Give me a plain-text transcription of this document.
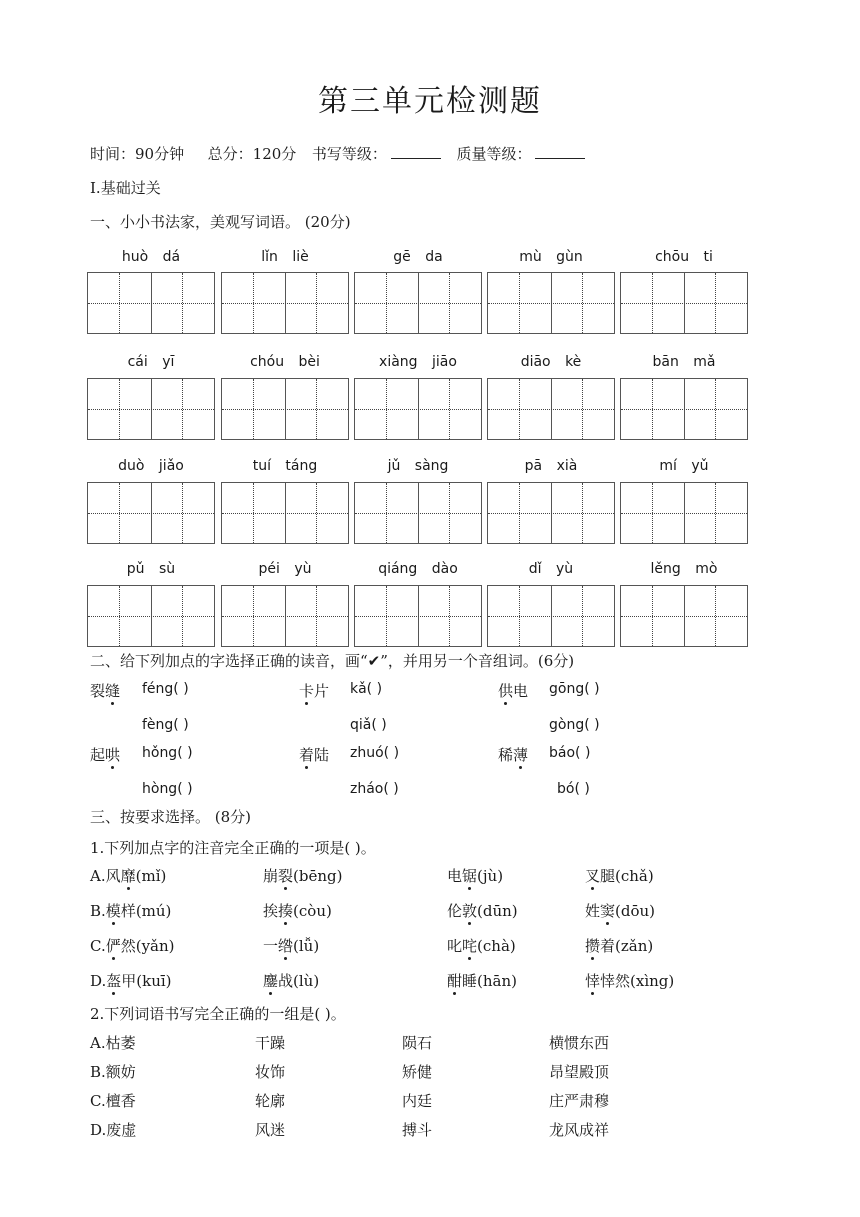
第三单元检测题
时间：90分钟 总分：120分 书写等级：	质量等级：
Ⅰ.基础过关
一、小小书法家，美观写词语。 (20分)
huò dá	lǐn liè	gē da	mù gùn	chōu ti
cái yī	chóu bèi	xiàng jiāo	diāo kè	bān mǎ
duò jiǎo	tuí táng	jǔ sàng	pā xià	mí yǔ
pǔ sù	péi yù	qiáng dào	dǐ yù	lěng mò
二、给下列加点的字选择正确的读音，画“✔”，并用另一个音组词。(6分)
裂缝 féng( )
fèng( )
卡片 kǎ( )
qiǎ( )
供电 gōng( )
gòng( )
起哄 hǒng( )
hòng( )
着陆 zhuó( )
zháo( )
稀薄 báo( )
bó( )
三、按要求选择。 (8分)
1.下列加点字的注音完全正确的一项是( )。
A.风靡(mǐ)	崩裂(bēng)	电锯(jù)	叉腿(chǎ)
B.模样(mú)	挨揍(còu)	伦敦(dūn)	姓窦(dōu)
C.俨然(yǎn)	一绺(lǚ)	叱咤(chà)	攒着(zǎn)
D.盔甲(kuī)	鏖战(lù)	酣睡(hān)	悻悻然(xìng)
2.下列词语书写完全正确的一组是( )。
A.枯萎	干躁	陨石	横惯东西
B.额妨	妆饰	矫健	昂望殿顶
C.檀香	轮廓	内廷	庄严肃穆
D.废虚	风迷	搏斗	龙风成祥
